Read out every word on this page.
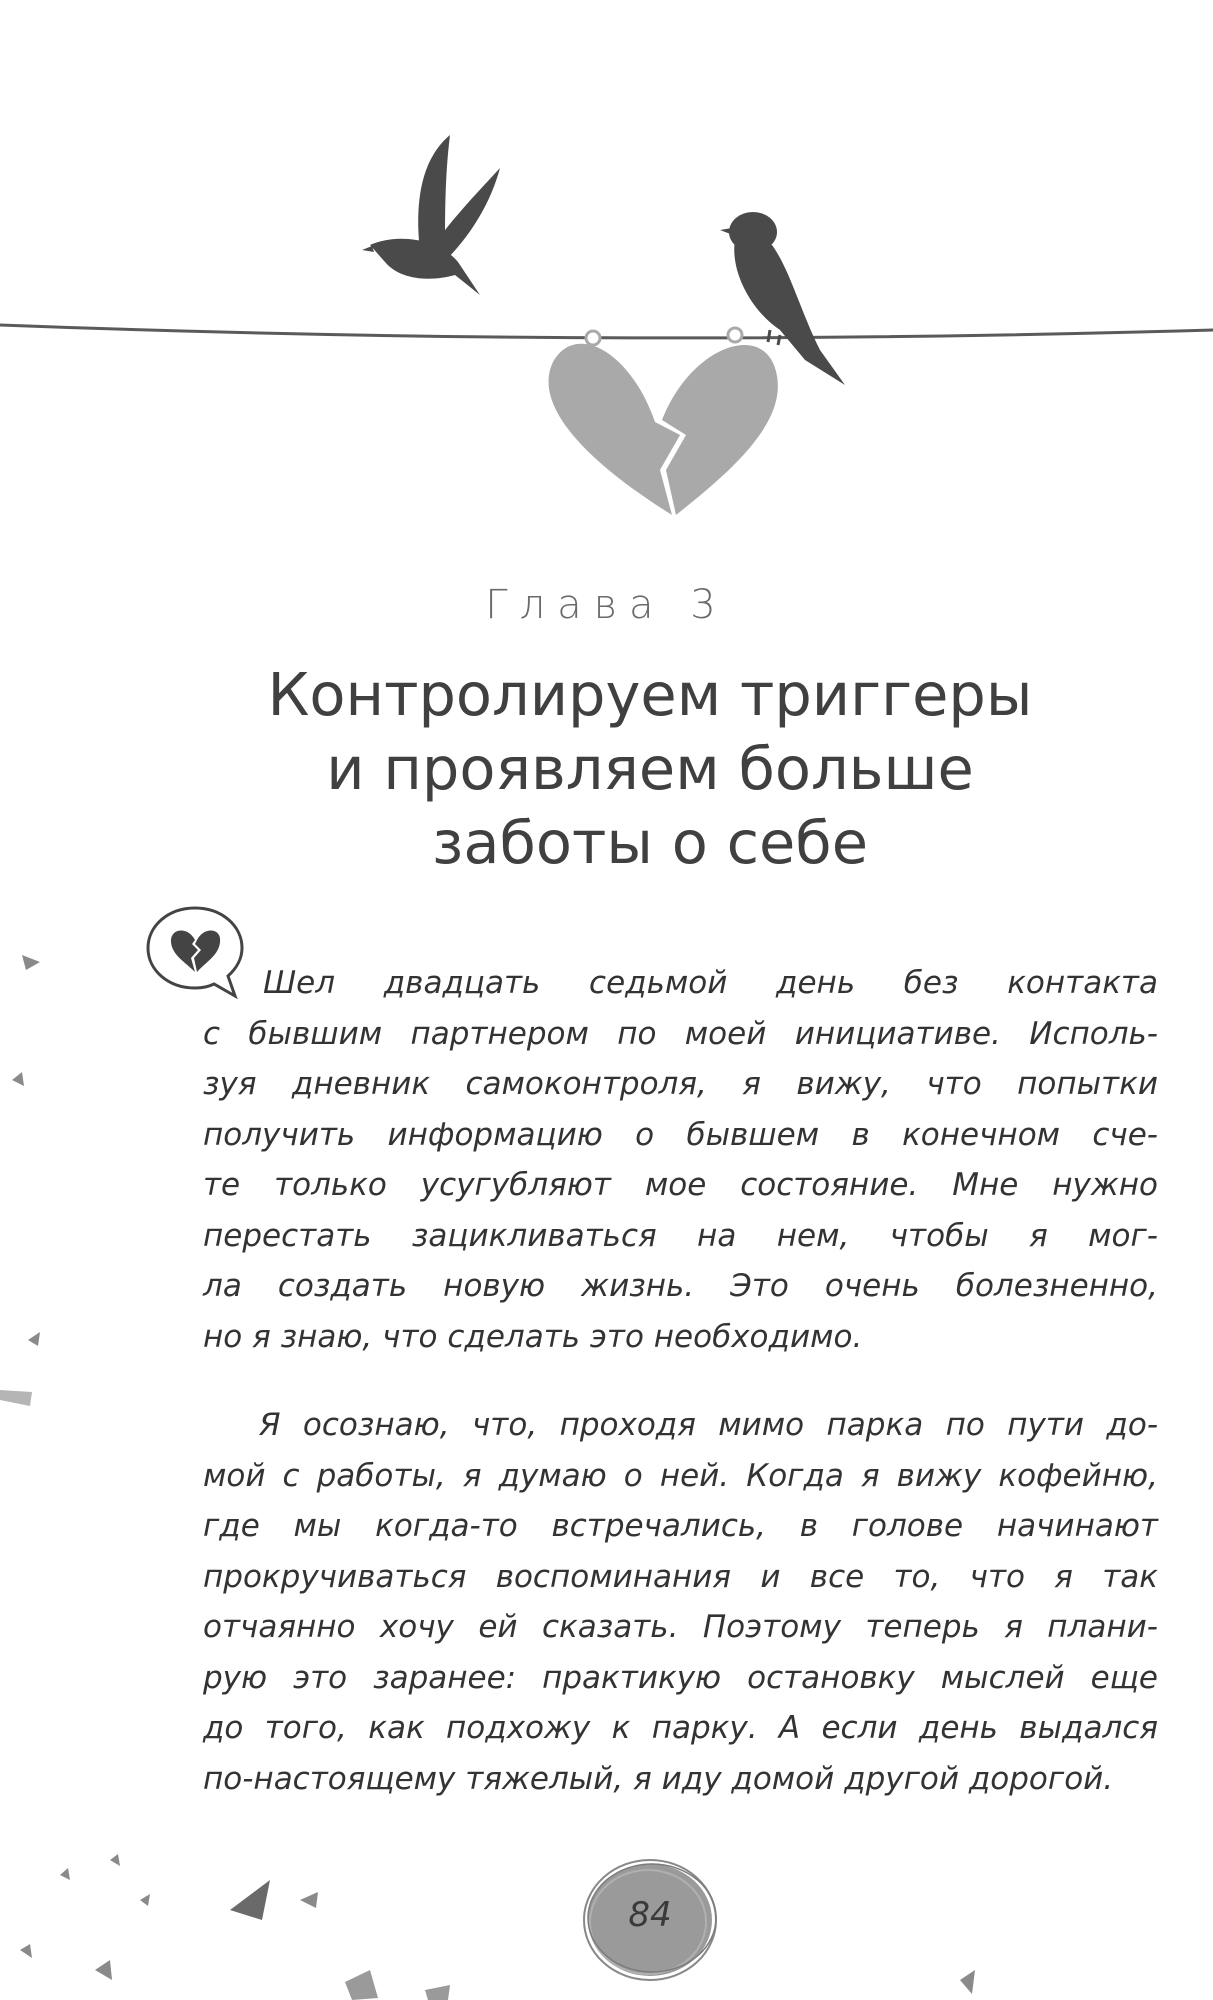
Глава 3
Контролируем триггеры
и проявляем больше
заботы о себе

Шел двадцать седьмой день без контакта
с бывшим партнером по моей инициативе. Исполь-
зуя дневник самоконтроля, я вижу, что попытки
получить информацию о бывшем в конечном сче-
те только усугубляют мое состояние. Мне нужно
перестать зацикливаться на нем, чтобы я мог-
ла создать новую жизнь. Это очень болезненно,
но я знаю, что сделать это необходимо.

Я осознаю, что, проходя мимо парка по пути до-
мой с работы, я думаю о ней. Когда я вижу кофейню,
где мы когда-то встречались, в голове начинают
прокручиваться воспоминания и все то, что я так
отчаянно хочу ей сказать. Поэтому теперь я плани-
рую это заранее: практикую остановку мыслей еще
до того, как подхожу к парку. А если день выдался
по-настоящему тяжелый, я иду домой другой дорогой.

84
